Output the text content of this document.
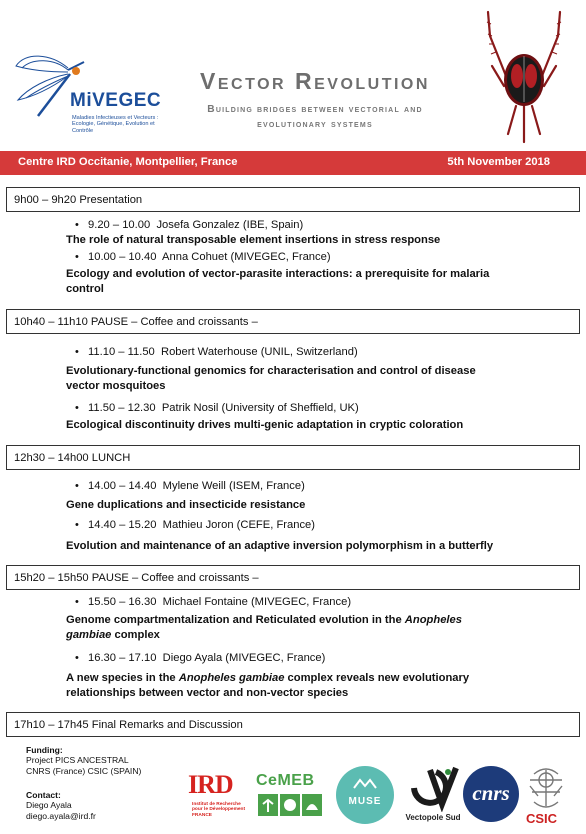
MiVEGEC
Maladies Infectieuses et Vecteurs : Ecologie, Génétique, Evolution et Contrôle
Vector Revolution
Building bridges between vectorial and
evolutionary systems
Centre IRD Occitanie, Montpellier, France	5th November 2018
9h00 – 9h20 Presentation
• 9.20 – 10.00 Josefa Gonzalez (IBE, Spain)
The role of natural transposable element insertions in stress response
• 10.00 – 10.40 Anna Cohuet (MIVEGEC, France)
Ecology and evolution of vector-parasite interactions: a prerequisite for malaria
control
10h40 – 11h10 PAUSE – Coffee and croissants –
• 11.10 – 11.50 Robert Waterhouse (UNIL, Switzerland)
Evolutionary-functional genomics for characterisation and control of disease
vector mosquitoes
• 11.50 – 12.30 Patrik Nosil (University of Sheffield, UK)
Ecological discontinuity drives multi-genic adaptation in cryptic coloration
12h30 – 14h00 LUNCH
• 14.00 – 14.40 Mylene Weill (ISEM, France)
Gene duplications and insecticide resistance
• 14.40 – 15.20 Mathieu Joron (CEFE, France)
Evolution and maintenance of an adaptive inversion polymorphism in a butterfly
15h20 – 15h50 PAUSE – Coffee and croissants –
• 15.50 – 16.30 Michael Fontaine (MIVEGEC, France)
Genome compartmentalization and Reticulated evolution in the Anopheles
gambiae complex
• 16.30 – 17.10 Diego Ayala (MIVEGEC, France)
A new species in the Anopheles gambiae complex reveals new evolutionary
relationships between vector and non-vector species
17h10 – 17h45 Final Remarks and Discussion
Funding:
Project PICS ANCESTRAL
CNRS (France) CSIC (SPAIN)
Contact:
Diego Ayala
diego.ayala@ird.fr
IRD
Institut de Recherche pour le Développement FRANCE
CeMEB
MUSE
Vectopole Sud
cnrs
CSIC
